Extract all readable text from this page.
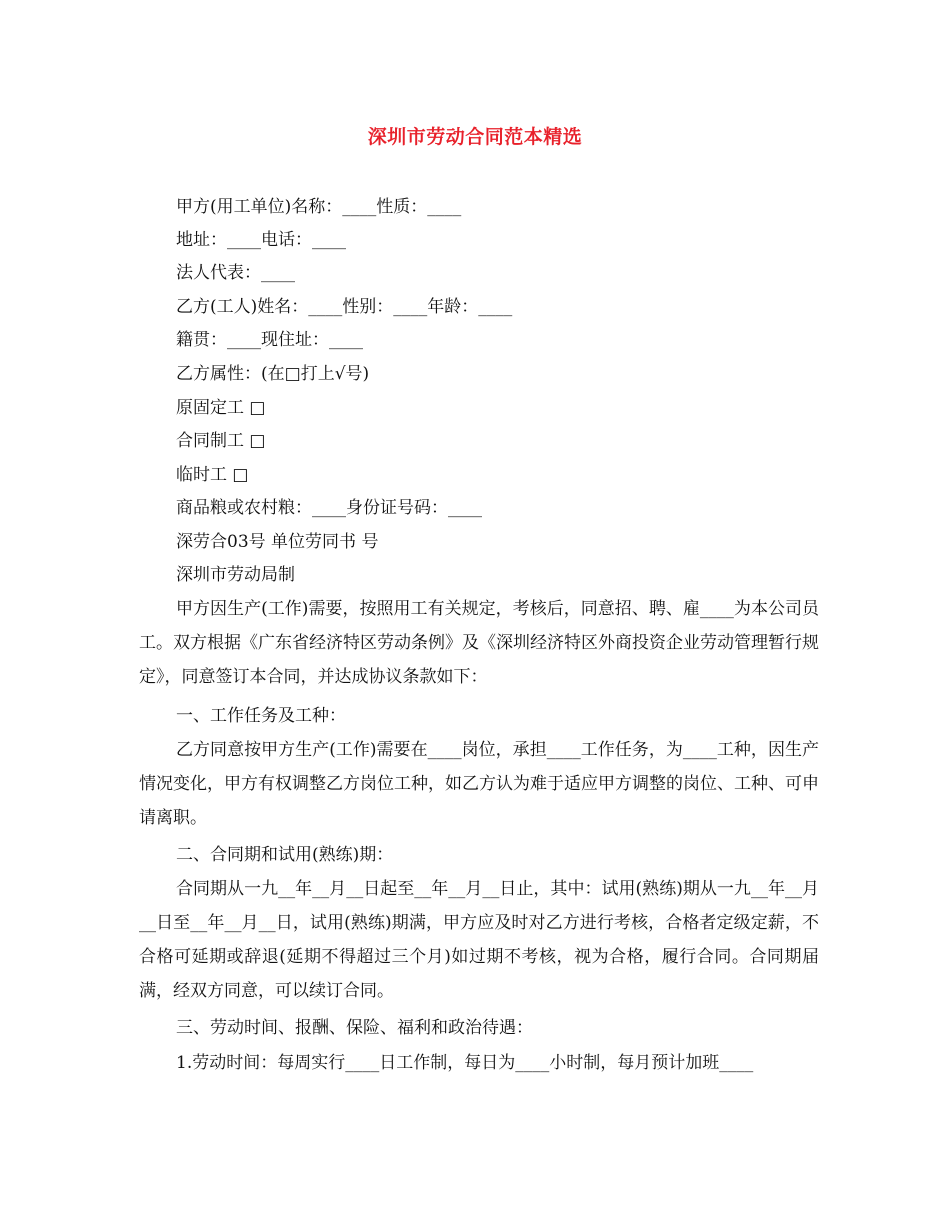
深圳市劳动合同范本精选
甲方(用工单位)名称：____性质：____
地址：____电话：____
法人代表：____
乙方(工人)姓名：____性别：____年龄：____
籍贯：____现住址：____
乙方属性：(在□打上√号)
原固定工 □
合同制工 □
临时工 □
商品粮或农村粮：____身份证号码：____
深劳合03号 单位劳同书 号
深圳市劳动局制
甲方因生产(工作)需要，按照用工有关规定，考核后，同意招、聘、雇____为本公司员工。双方根据《广东省经济特区劳动条例》及《深圳经济特区外商投资企业劳动管理暂行规定》，同意签订本合同，并达成协议条款如下：
一、工作任务及工种：
乙方同意按甲方生产(工作)需要在____岗位，承担____工作任务，为____工种，因生产情况变化，甲方有权调整乙方岗位工种，如乙方认为难于适应甲方调整的岗位、工种、可申请离职。
二、合同期和试用(熟练)期：
合同期从一九__年__月__日起至__年__月__日止，其中：试用(熟练)期从一九__年__月__日至__年__月__日，试用(熟练)期满，甲方应及时对乙方进行考核，合格者定级定薪，不合格可延期或辞退(延期不得超过三个月)如过期不考核，视为合格，履行合同。合同期届满，经双方同意，可以续订合同。
三、劳动时间、报酬、保险、福利和政治待遇：
1.劳动时间：每周实行____日工作制，每日为____小时制，每月预计加班____
